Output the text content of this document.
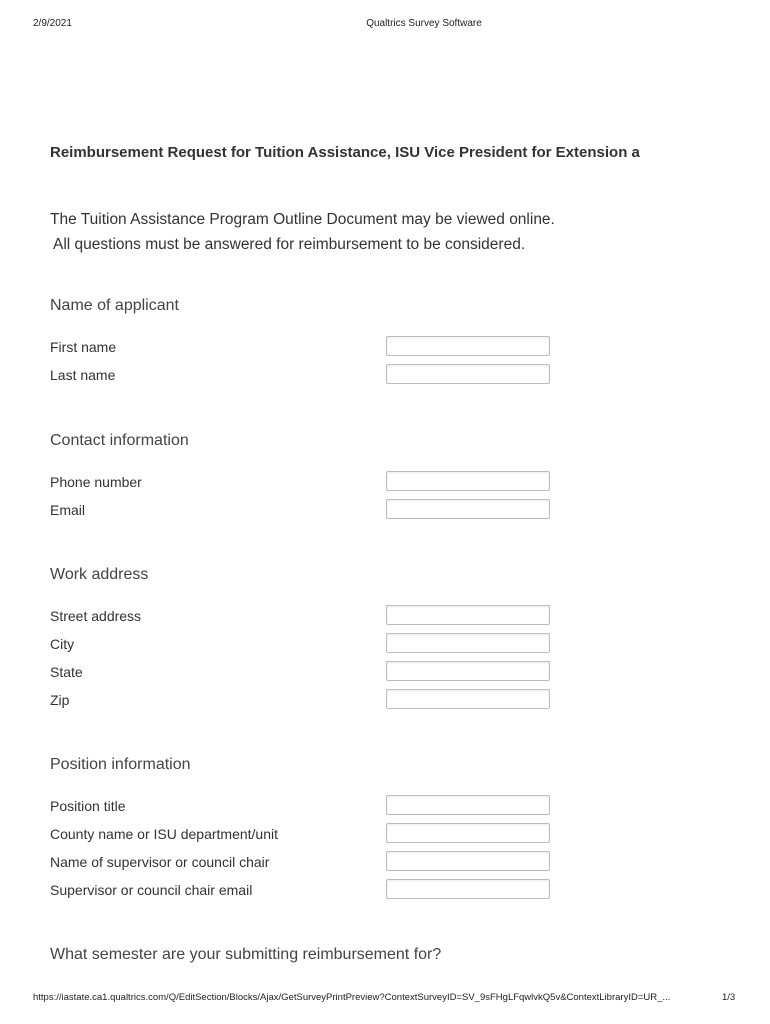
2/9/2021	Qualtrics Survey Software
Reimbursement Request for Tuition Assistance, ISU Vice President for Extension a
The Tuition Assistance Program Outline Document may be viewed online.
All questions must be answered for reimbursement to be considered.
Name of applicant
First name
Last name
Contact information
Phone number
Email
Work address
Street address
City
State
Zip
Position information
Position title
County name or ISU department/unit
Name of supervisor or council chair
Supervisor or council chair email
What semester are your submitting reimbursement for?
https://iastate.ca1.qualtrics.com/Q/EditSection/Blocks/Ajax/GetSurveyPrintPreview?ContextSurveyID=SV_9sFHgLFqwlvkQ5v&ContextLibraryID=UR_...	1/3
